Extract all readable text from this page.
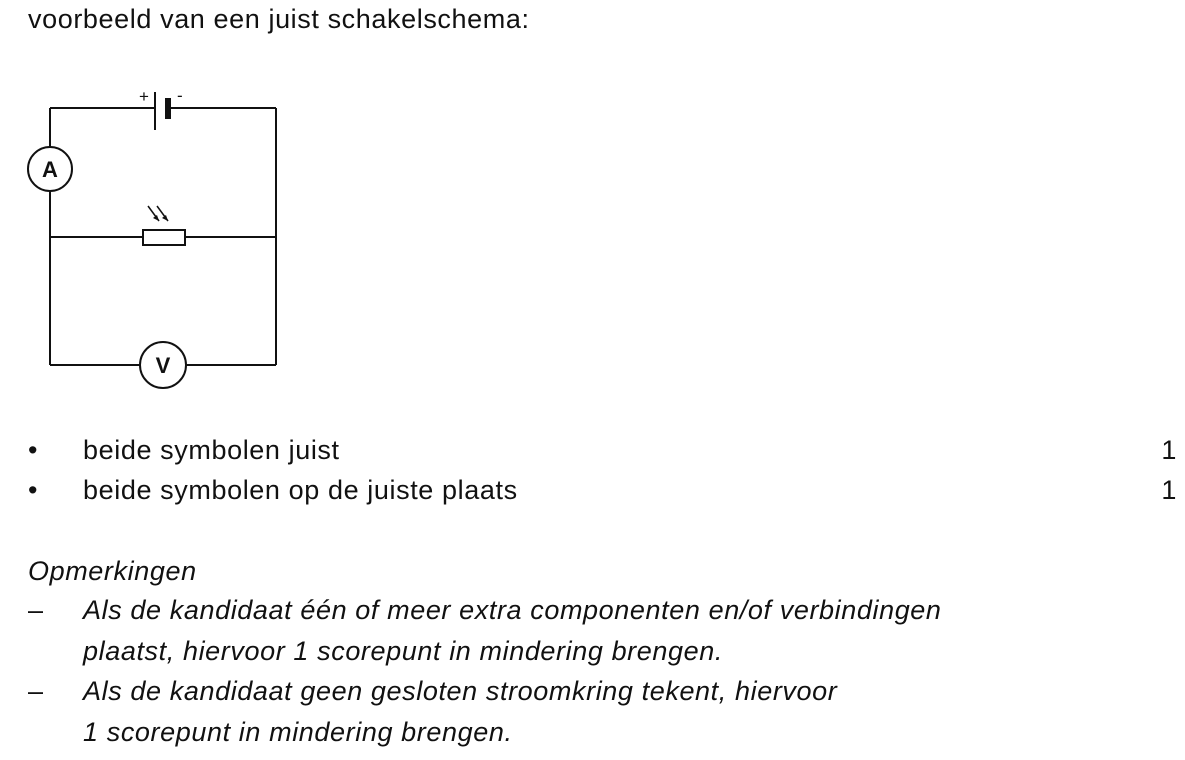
voorbeeld van een juist schakelschema:
+ -
A
V
• beide symbolen juist	1
• beide symbolen op de juiste plaats	1
Opmerkingen
– Als de kandidaat één of meer extra componenten en/of verbindingen
plaatst, hiervoor 1 scorepunt in mindering brengen.
– Als de kandidaat geen gesloten stroomkring tekent, hiervoor
1 scorepunt in mindering brengen.
